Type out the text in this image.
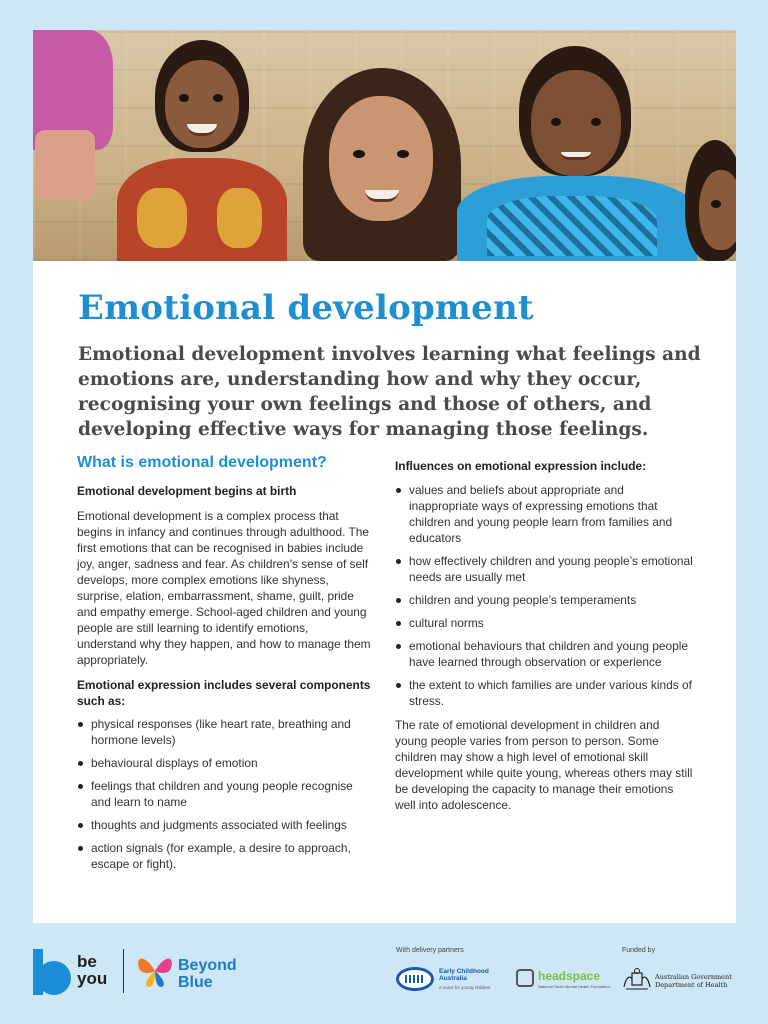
Emotional development

Emotional development involves learning what feelings and emotions are, understanding how and why they occur, recognising your own feelings and those of others, and developing effective ways for managing those feelings.

What is emotional development?
Emotional development begins at birth

Emotional development is a complex process that begins in infancy and continues through adulthood. The first emotions that can be recognised in babies include joy, anger, sadness and fear. As children’s sense of self develops, more complex emotions like shyness, surprise, elation, embarrassment, shame, guilt, pride and empathy emerge. School-aged children and young people are still learning to identify emotions, understand why they happen, and how to manage them appropriately.

Emotional expression includes several components such as:
physical responses (like heart rate, breathing and hormone levels)
behavioural displays of emotion
feelings that children and young people recognise and learn to name
thoughts and judgments associated with feelings
action signals (for example, a desire to approach, escape or fight).
Influences on emotional expression include:
values and beliefs about appropriate and inappropriate ways of expressing emotions that children and young people learn from families and educators
how effectively children and young people’s emotional needs are usually met
children and young people’s temperaments
cultural norms
emotional behaviours that children and young people have learned through observation or experience
the extent to which families are under various kinds of stress.

The rate of emotional development in children and young people varies from person to person. Some children may show a high level of emotional skill development while quite young, whereas others may still be developing the capacity to manage their emotions well into adolescence.

be
you
Beyond
Blue
With delivery partners	Funded by
Early Childhood
Australia
A voice for young children
headspace
National Youth Mental Health Foundation
Australian Government
Department of Health
